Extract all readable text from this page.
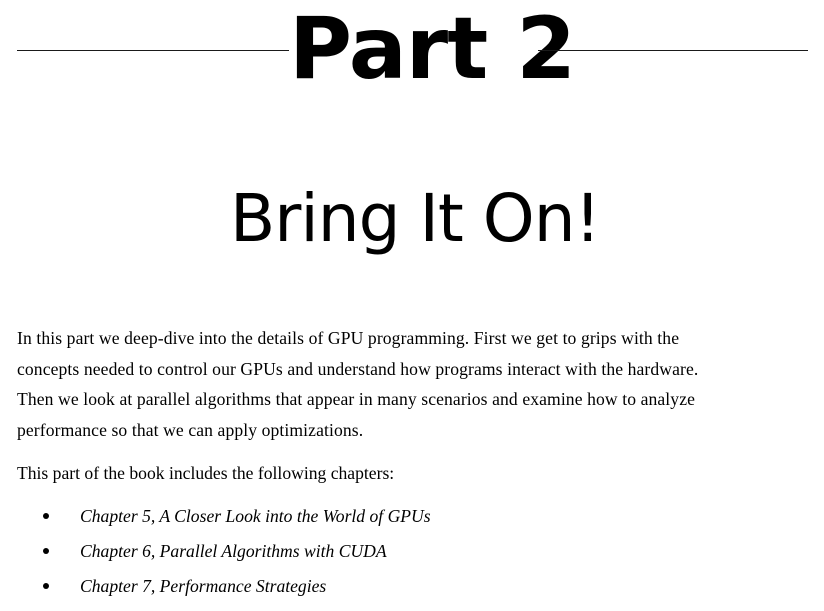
Part 2
Bring It On!

In this part we deep-dive into the details of GPU programming. First we get to grips with the
concepts needed to control our GPUs and understand how programs interact with the hardware.
Then we look at parallel algorithms that appear in many scenarios and examine how to analyze
performance so that we can apply optimizations.

This part of the book includes the following chapters:

Chapter 5, A Closer Look into the World of GPUs
Chapter 6, Parallel Algorithms with CUDA
Chapter 7, Performance Strategies
